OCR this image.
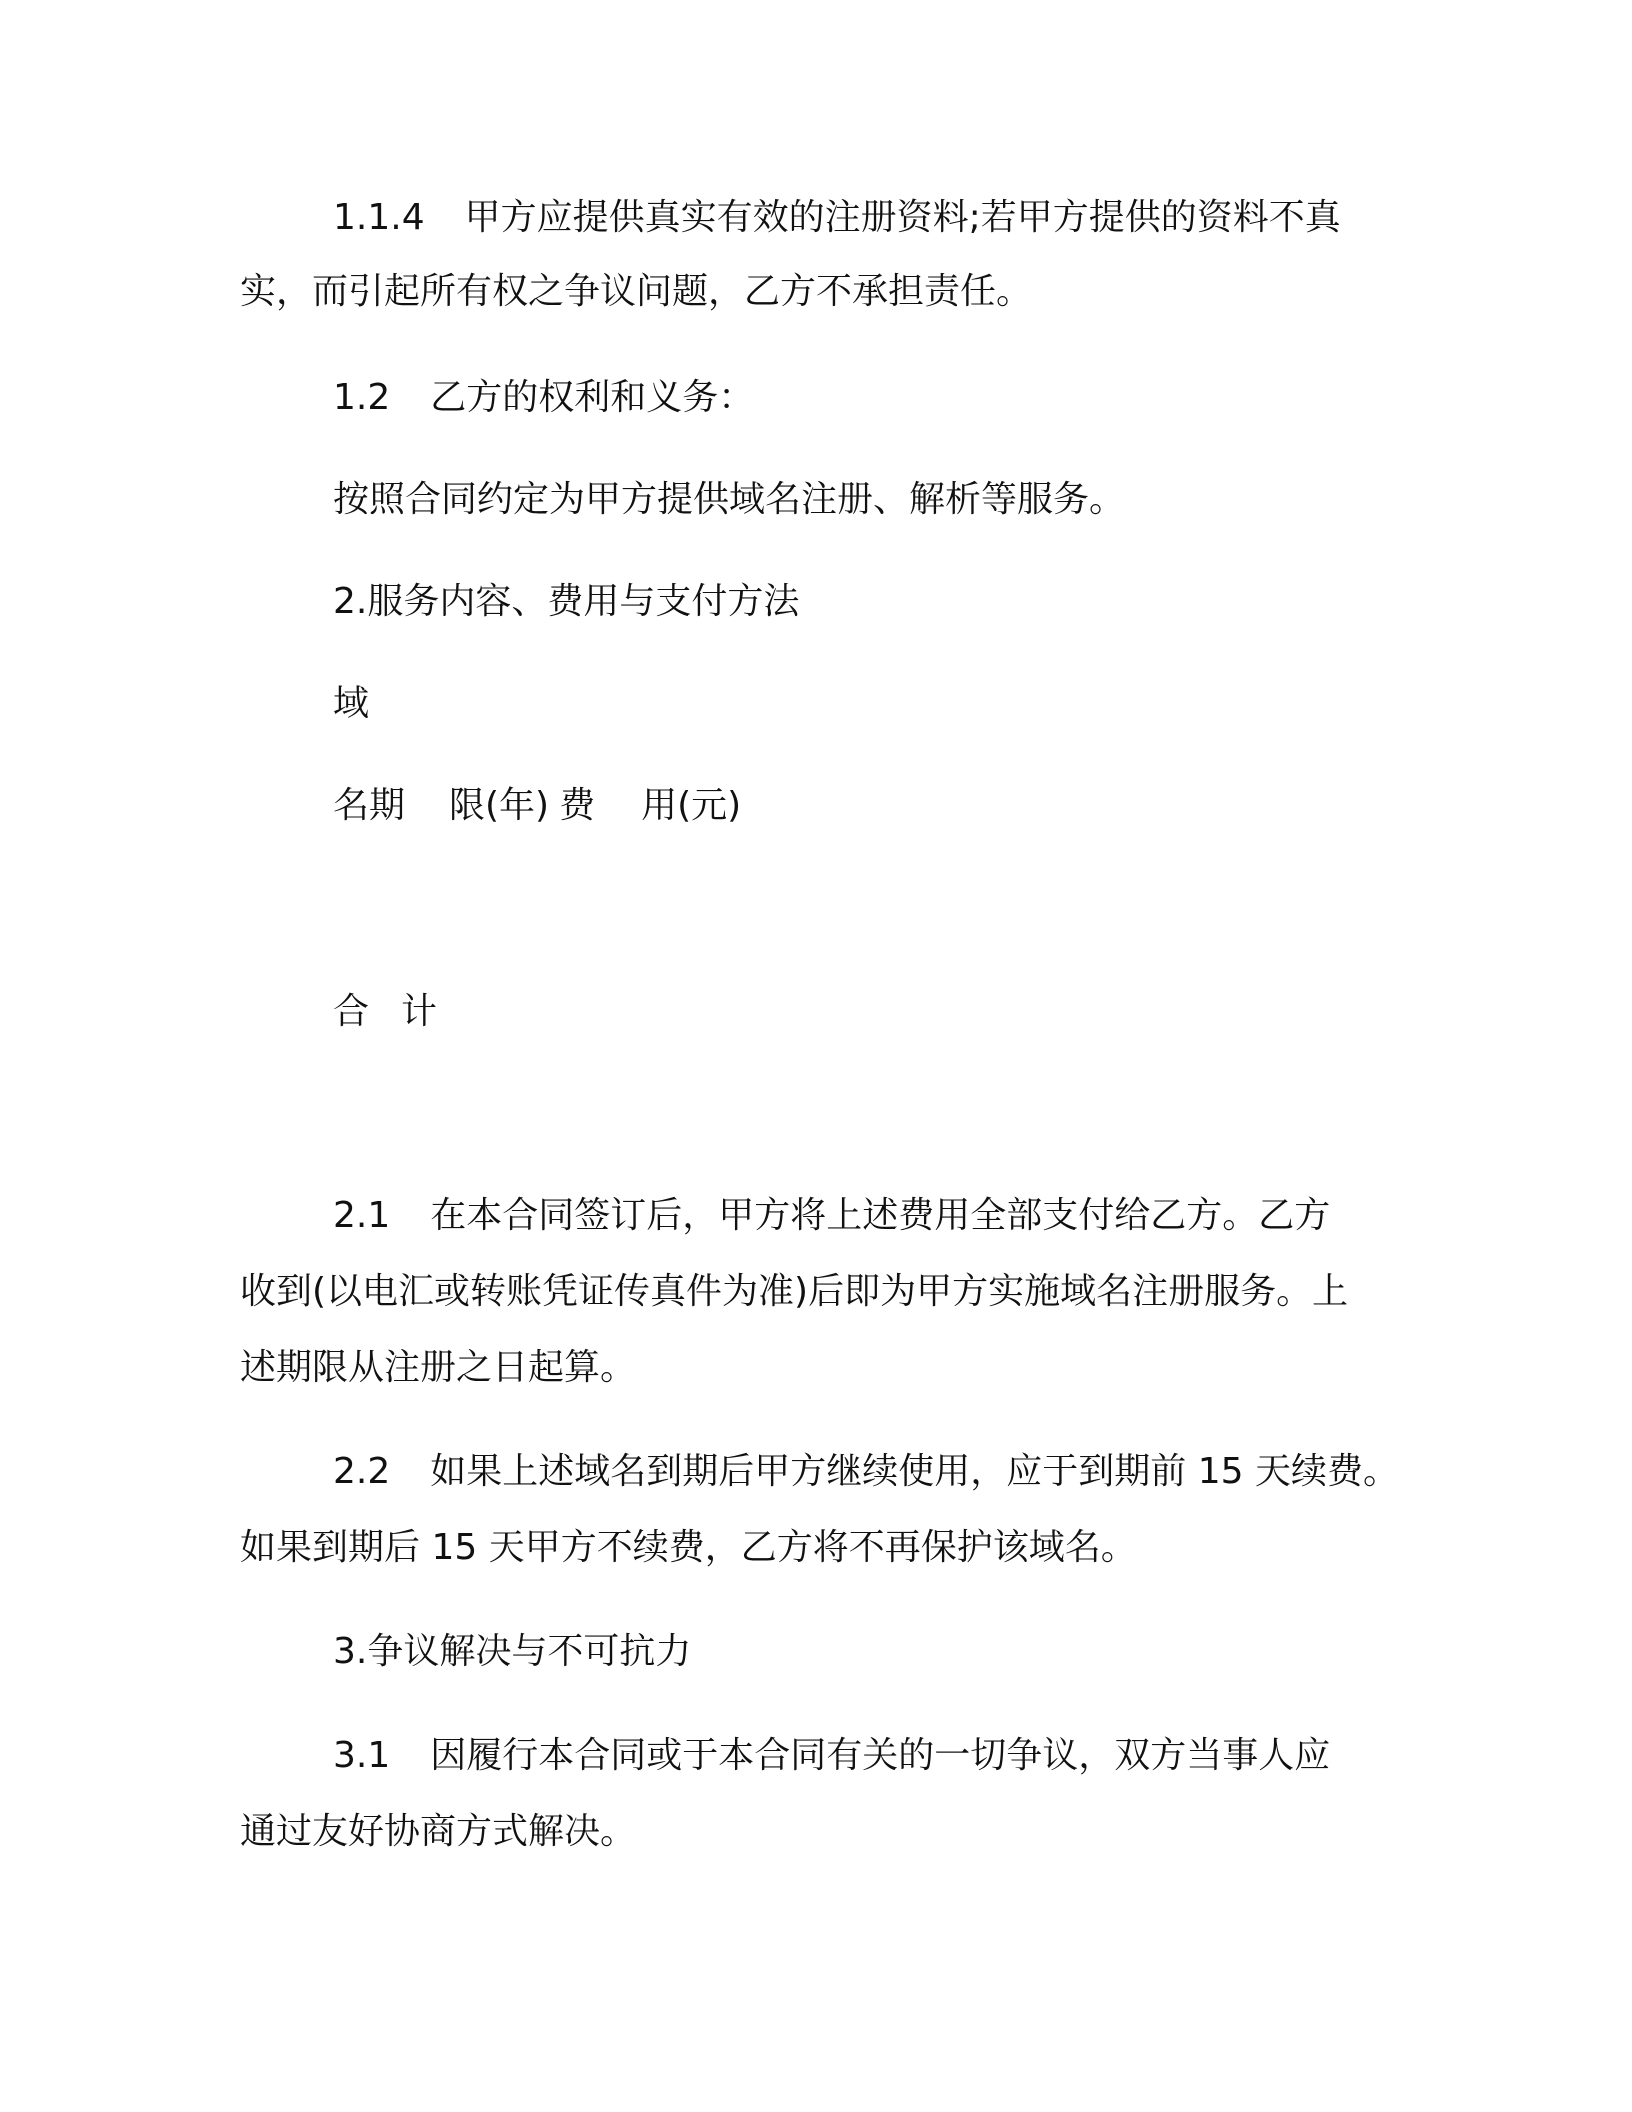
1.1.4 甲方应提供真实有效的注册资料;若甲方提供的资料不真
实，而引起所有权之争议问题，乙方不承担责任。
1.2 乙方的权利和义务：
按照合同约定为甲方提供域名注册、解析等服务。
2.服务内容、费用与支付方法
域
名期 限(年) 费 用(元)
合 计
2.1 在本合同签订后，甲方将上述费用全部支付给乙方。乙方
收到(以电汇或转账凭证传真件为准)后即为甲方实施域名注册服务。上
述期限从注册之日起算。
2.2 如果上述域名到期后甲方继续使用，应于到期前 15 天续费。
如果到期后 15 天甲方不续费，乙方将不再保护该域名。
3.争议解决与不可抗力
3.1 因履行本合同或于本合同有关的一切争议，双方当事人应
通过友好协商方式解决。
